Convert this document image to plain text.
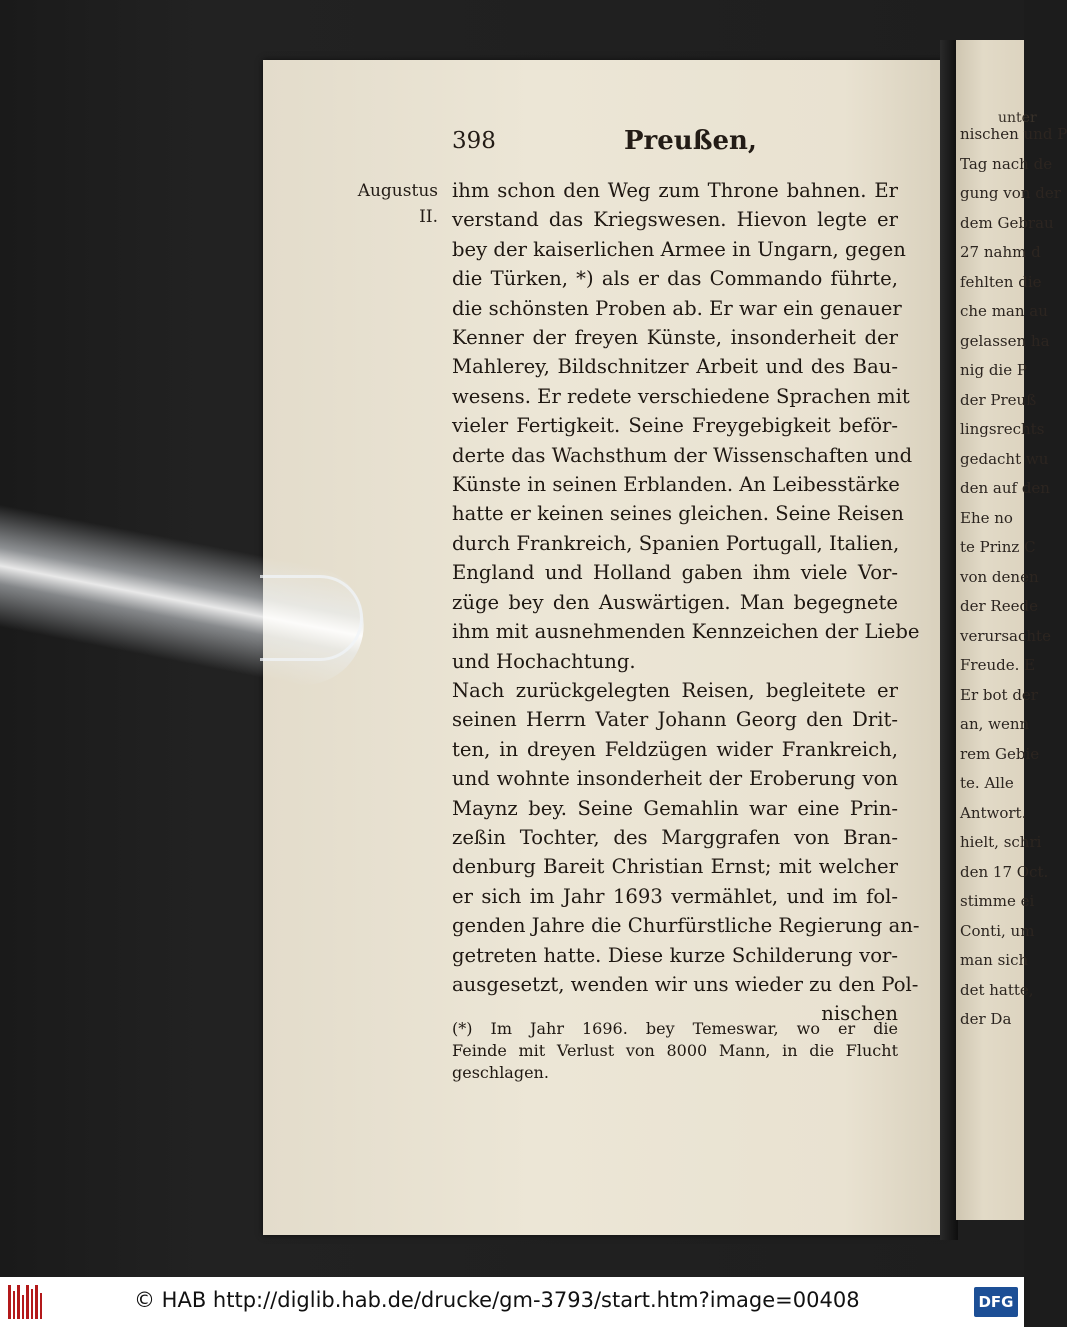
unter
nischen und P
Tag nach de
gung von der
dem Gebrau
27 nahm d
fehlten die
che man au
gelassen ha
nig die P
der Preuß
lingsrechts
gedacht wu
den auf den
Ehe no
te Prinz C
von denen
der Reede
verursachte
Freude. E
Er bot der
an, wenn
rem Gebie
te. Alle
Antwort.
hielt, schri
den 17 Oct.
stimme ei
Conti, um
man sich
det hatte,
der Da
398	Preußen,
Augustus
II.
ihm schon den Weg zum Throne bahnen. Er
verstand das Kriegswesen. Hievon legte er
bey der kaiserlichen Armee in Ungarn, gegen
die Türken, *) als er das Commando führte,
die schönsten Proben ab. Er war ein genauer
Kenner der freyen Künste, insonderheit der
Mahlerey, Bildschnitzer Arbeit und des Bau-
wesens. Er redete verschiedene Sprachen mit
vieler Fertigkeit. Seine Freygebigkeit beför-
derte das Wachsthum der Wissenschaften und
Künste in seinen Erblanden. An Leibesstärke
hatte er keinen seines gleichen. Seine Reisen
durch Frankreich, Spanien Portugall, Italien,
England und Holland gaben ihm viele Vor-
züge bey den Auswärtigen. Man begegnete
ihm mit ausnehmenden Kennzeichen der Liebe
und Hochachtung.
Nach zurückgelegten Reisen, begleitete er
seinen Herrn Vater Johann Georg den Drit-
ten, in dreyen Feldzügen wider Frankreich,
und wohnte insonderheit der Eroberung von
Maynz bey. Seine Gemahlin war eine Prin-
zeßin Tochter, des Marggrafen von Bran-
denburg Bareit Christian Ernst; mit welcher
er sich im Jahr 1693 vermählet, und im fol-
genden Jahre die Churfürstliche Regierung an-
getreten hatte. Diese kurze Schilderung vor-
ausgesetzt, wenden wir uns wieder zu den Pol-
nischen
(*) Im Jahr 1696. bey Temeswar, wo er die
Feinde mit Verlust von 8000 Mann, in die Flucht
geschlagen.
© HAB http://diglib.hab.de/drucke/gm-3793/start.htm?image=00408	DFG
